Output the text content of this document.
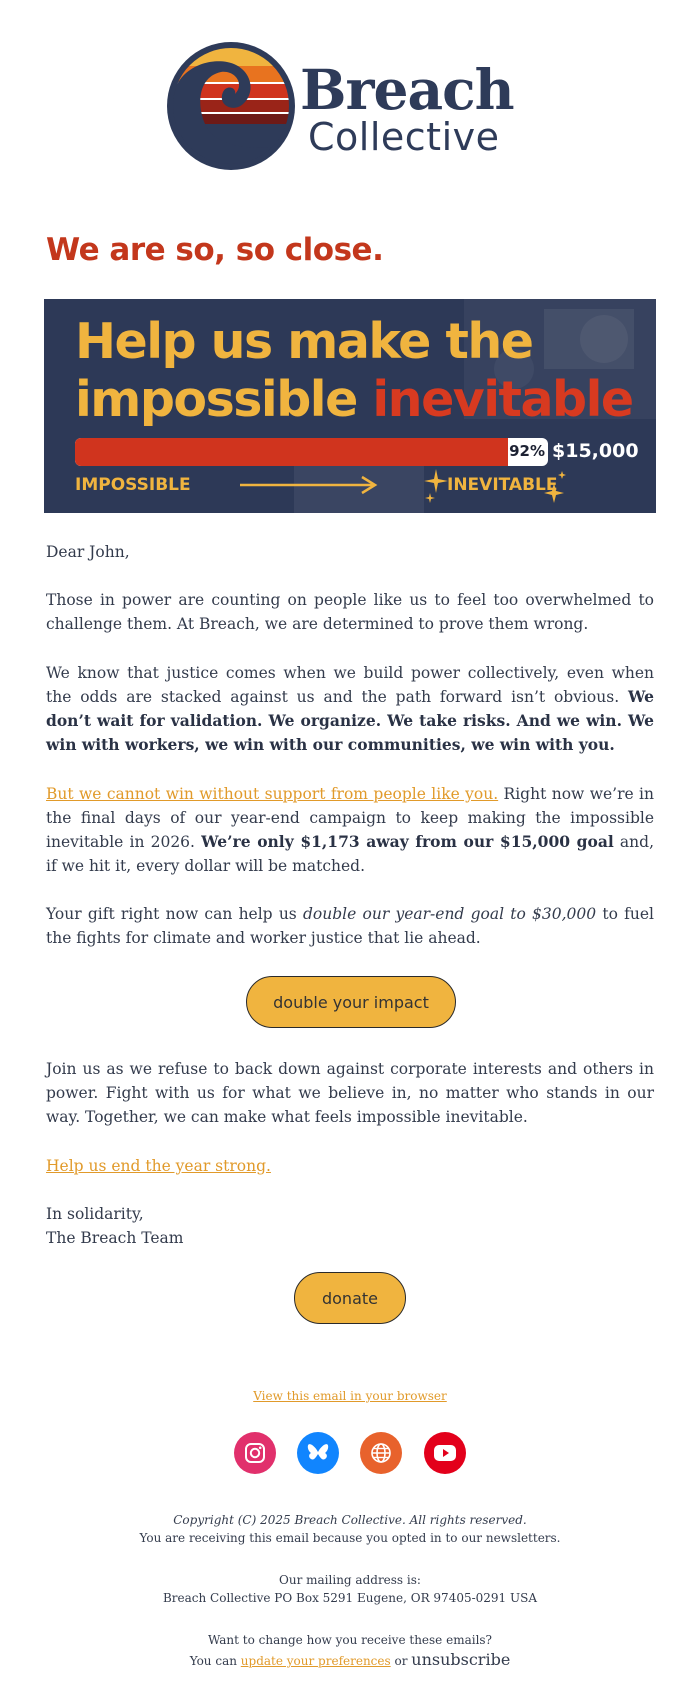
Breach
Collective
We are so, so close.
Help us make the
impossible inevitable
92% $15,000
IMPOSSIBLE	INEVITABLE

Dear John,

Those in power are counting on people like us to feel too overwhelmed to challenge them. At Breach, we are determined to prove them wrong.

We know that justice comes when we build power collectively, even when the odds are stacked against us and the path forward isn’t obvious. We don’t wait for validation. We organize. We take risks. And we win. We win with workers, we win with our communities, we win with you.

But we cannot win without support from people like you. Right now we’re in the final days of our year-end campaign to keep making the impossible inevitable in 2026. We’re only $1,173 away from our $15,000 goal and, if we hit it, every dollar will be matched.

Your gift right now can help us double our year-end goal to $30,000 to fuel the fights for climate and worker justice that lie ahead.

double your impact

Join us as we refuse to back down against corporate interests and others in power. Fight with us for what we believe in, no matter who stands in our way. Together, we can make what feels impossible inevitable.

Help us end the year strong.

In solidarity,

The Breach Team

donate
View this email in your browser

Copyright (C) 2025 Breach Collective. All rights reserved.

You are receiving this email because you opted in to our newsletters.

Our mailing address is:

Breach Collective PO Box 5291 Eugene, OR 97405-0291 USA

Want to change how you receive these emails?

You can update your preferences or unsubscribe
